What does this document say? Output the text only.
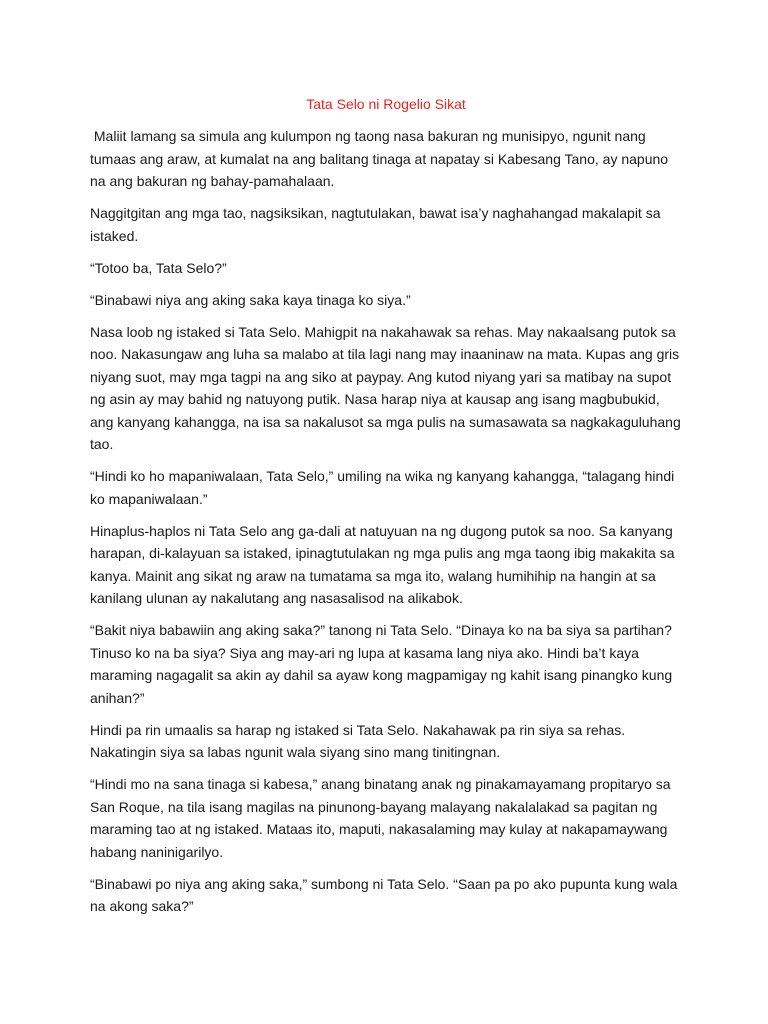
Tata Selo ni Rogelio Sikat

Maliit lamang sa simula ang kulumpon ng taong nasa bakuran ng munisipyo, ngunit nang tumaas ang araw, at kumalat na ang balitang tinaga at napatay si Kabesang Tano, ay napuno na ang bakuran ng bahay-pamahalaan.

Naggitgitan ang mga tao, nagsiksikan, nagtutulakan, bawat isa’y naghahangad makalapit sa istaked.

“Totoo ba, Tata Selo?”

“Binabawi niya ang aking saka kaya tinaga ko siya.”

Nasa loob ng istaked si Tata Selo. Mahigpit na nakahawak sa rehas. May nakaalsang putok sa noo. Nakasungaw ang luha sa malabo at tila lagi nang may inaaninaw na mata. Kupas ang gris niyang suot, may mga tagpi na ang siko at paypay. Ang kutod niyang yari sa matibay na supot ng asin ay may bahid ng natuyong putik. Nasa harap niya at kausap ang isang magbubukid, ang kanyang kahangga, na isa sa nakalusot sa mga pulis na sumasawata sa nagkakaguluhang tao.

“Hindi ko ho mapaniwalaan, Tata Selo,” umiling na wika ng kanyang kahangga, “talagang hindi ko mapaniwalaan.”

Hinaplus-haplos ni Tata Selo ang ga-dali at natuyuan na ng dugong putok sa noo. Sa kanyang harapan, di-kalayuan sa istaked, ipinagtutulakan ng mga pulis ang mga taong ibig makakita sa kanya. Mainit ang sikat ng araw na tumatama sa mga ito, walang humihihip na hangin at sa kanilang ulunan ay nakalutang ang nasasalisod na alikabok.

“Bakit niya babawiin ang aking saka?” tanong ni Tata Selo. “Dinaya ko na ba siya sa partihan? Tinuso ko na ba siya? Siya ang may-ari ng lupa at kasama lang niya ako. Hindi ba’t kaya maraming nagagalit sa akin ay dahil sa ayaw kong magpamigay ng kahit isang pinangko kung anihan?”

Hindi pa rin umaalis sa harap ng istaked si Tata Selo. Nakahawak pa rin siya sa rehas. Nakatingin siya sa labas ngunit wala siyang sino mang tinitingnan.

“Hindi mo na sana tinaga si kabesa,” anang binatang anak ng pinakamayamang propitaryo sa San Roque, na tila isang magilas na pinunong-bayang malayang nakalalakad sa pagitan ng maraming tao at ng istaked. Mataas ito, maputi, nakasalaming may kulay at nakapamaywang habang naninigarilyo.

“Binabawi po niya ang aking saka,” sumbong ni Tata Selo. “Saan pa po ako pupunta kung wala na akong saka?”
